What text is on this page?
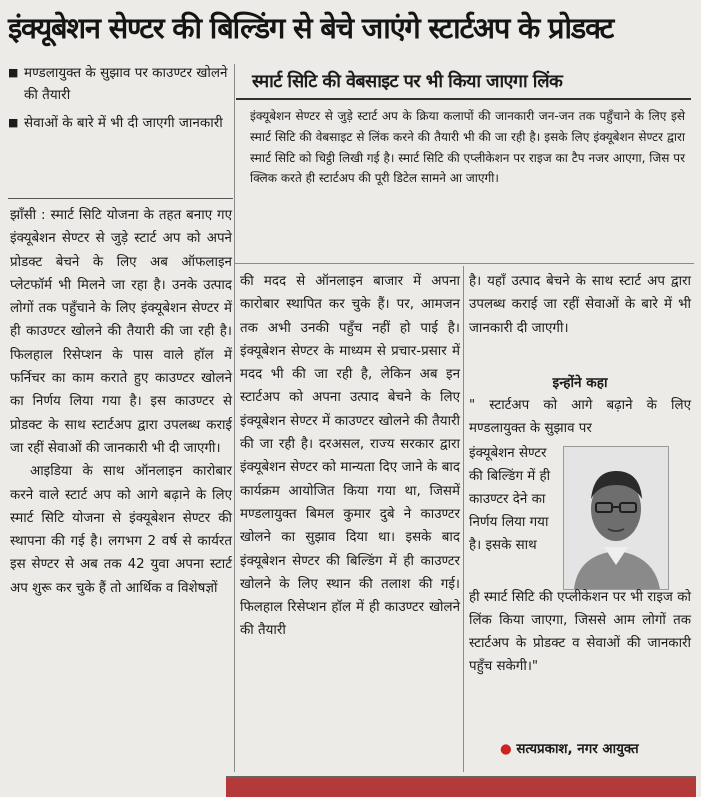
इंक्यूबेशन सेण्टर की बिल्डिंग से बेचे जाएंगे स्टार्टअप के प्रोडक्ट
■ मण्डलायुक्त के सुझाव पर काउण्टर खोलने की तैयारी
■ सेवाओं के बारे में भी दी जाएगी जानकारी
स्मार्ट सिटि की वेबसाइट पर भी किया जाएगा लिंक
इंक्यूबेशन सेण्टर से जुड़े स्टार्ट अप के क्रिया कलापों की जानकारी जन-जन तक पहुँचाने के लिए इसे स्मार्ट सिटि की वेबसाइट से लिंक करने की तैयारी भी की जा रही है। इसके लिए इंक्यूबेशन सेण्टर द्वारा स्मार्ट सिटि को चिट्ठी लिखी गई है। स्मार्ट सिटि की एप्लीकेशन पर राइज का टैप नजर आएगा, जिस पर क्लिक करते ही स्टार्टअप की पूरी डिटेल सामने आ जाएगी।

झाँसी : स्मार्ट सिटि योजना के तहत बनाए गए इंक्यूबेशन सेण्टर से जुड़े स्टार्ट अप को अपने प्रोडक्ट बेचने के लिए अब ऑफलाइन प्लेटफॉर्म भी मिलने जा रहा है। उनके उत्पाद लोगों तक पहुँचाने के लिए इंक्यूबेशन सेण्टर में ही काउण्टर खोलने की तैयारी की जा रही है। फिलहाल रिसेप्शन के पास वाले हॉल में फर्निचर का काम कराते हुए काउण्टर खोलने का निर्णय लिया गया है। इस काउण्टर से प्रोडक्ट के साथ स्टार्टअप द्वारा उपलब्ध कराई जा रहीं सेवाओं की जानकारी भी दी जाएगी।

आइडिया के साथ ऑनलाइन कारोबार करने वाले स्टार्ट अप को आगे बढ़ाने के लिए स्मार्ट सिटि योजना से इंक्यूबेशन सेण्टर की स्थापना की गई है। लगभग 2 वर्ष से कार्यरत इस सेण्टर से अब तक 42 युवा अपना स्टार्ट अप शुरू कर चुके हैं तो आर्थिक व विशेषज्ञों

की मदद से ऑनलाइन बाजार में अपना कारोबार स्थापित कर चुके हैं। पर, आमजन तक अभी उनकी पहुँच नहीं हो पाई है। इंक्यूबेशन सेण्टर के माध्यम से प्रचार-प्रसार में मदद भी की जा रही है, लेकिन अब इन स्टार्टअप को अपना उत्पाद बेचने के लिए इंक्यूबेशन सेण्टर में काउण्टर खोलने की तैयारी की जा रही है। दरअसल, राज्य सरकार द्वारा इंक्यूबेशन सेण्टर को मान्यता दिए जाने के बाद कार्यक्रम आयोजित किया गया था, जिसमें मण्डलायुक्त बिमल कुमार दुबे ने काउण्टर खोलने का सुझाव दिया था। इसके बाद इंक्यूबेशन सेण्टर की बिल्डिंग में ही काउण्टर खोलने के लिए स्थान की तलाश की गई। फिलहाल रिसेप्शन हॉल में ही काउण्टर खोलने की तैयारी

है। यहाँ उत्पाद बेचने के साथ स्टार्ट अप द्वारा उपलब्ध कराई जा रहीं सेवाओं के बारे में भी जानकारी दी जाएगी।

इन्होंने कहा
" स्टार्टअप को आगे बढ़ाने के लिए मण्डलायुक्त के सुझाव पर
इंक्यूबेशन सेण्टर की बिल्डिंग में ही काउण्टर देने का निर्णय लिया गया है। इसके साथ
ही स्मार्ट सिटि की एप्लीकेशन पर भी राइज को लिंक किया जाएगा, जिससे आम लोगों तक स्टार्टअप के प्रोडक्ट व सेवाओं की जानकारी पहुँच सकेगी।"
● सत्यप्रकाश, नगर आयुक्त
